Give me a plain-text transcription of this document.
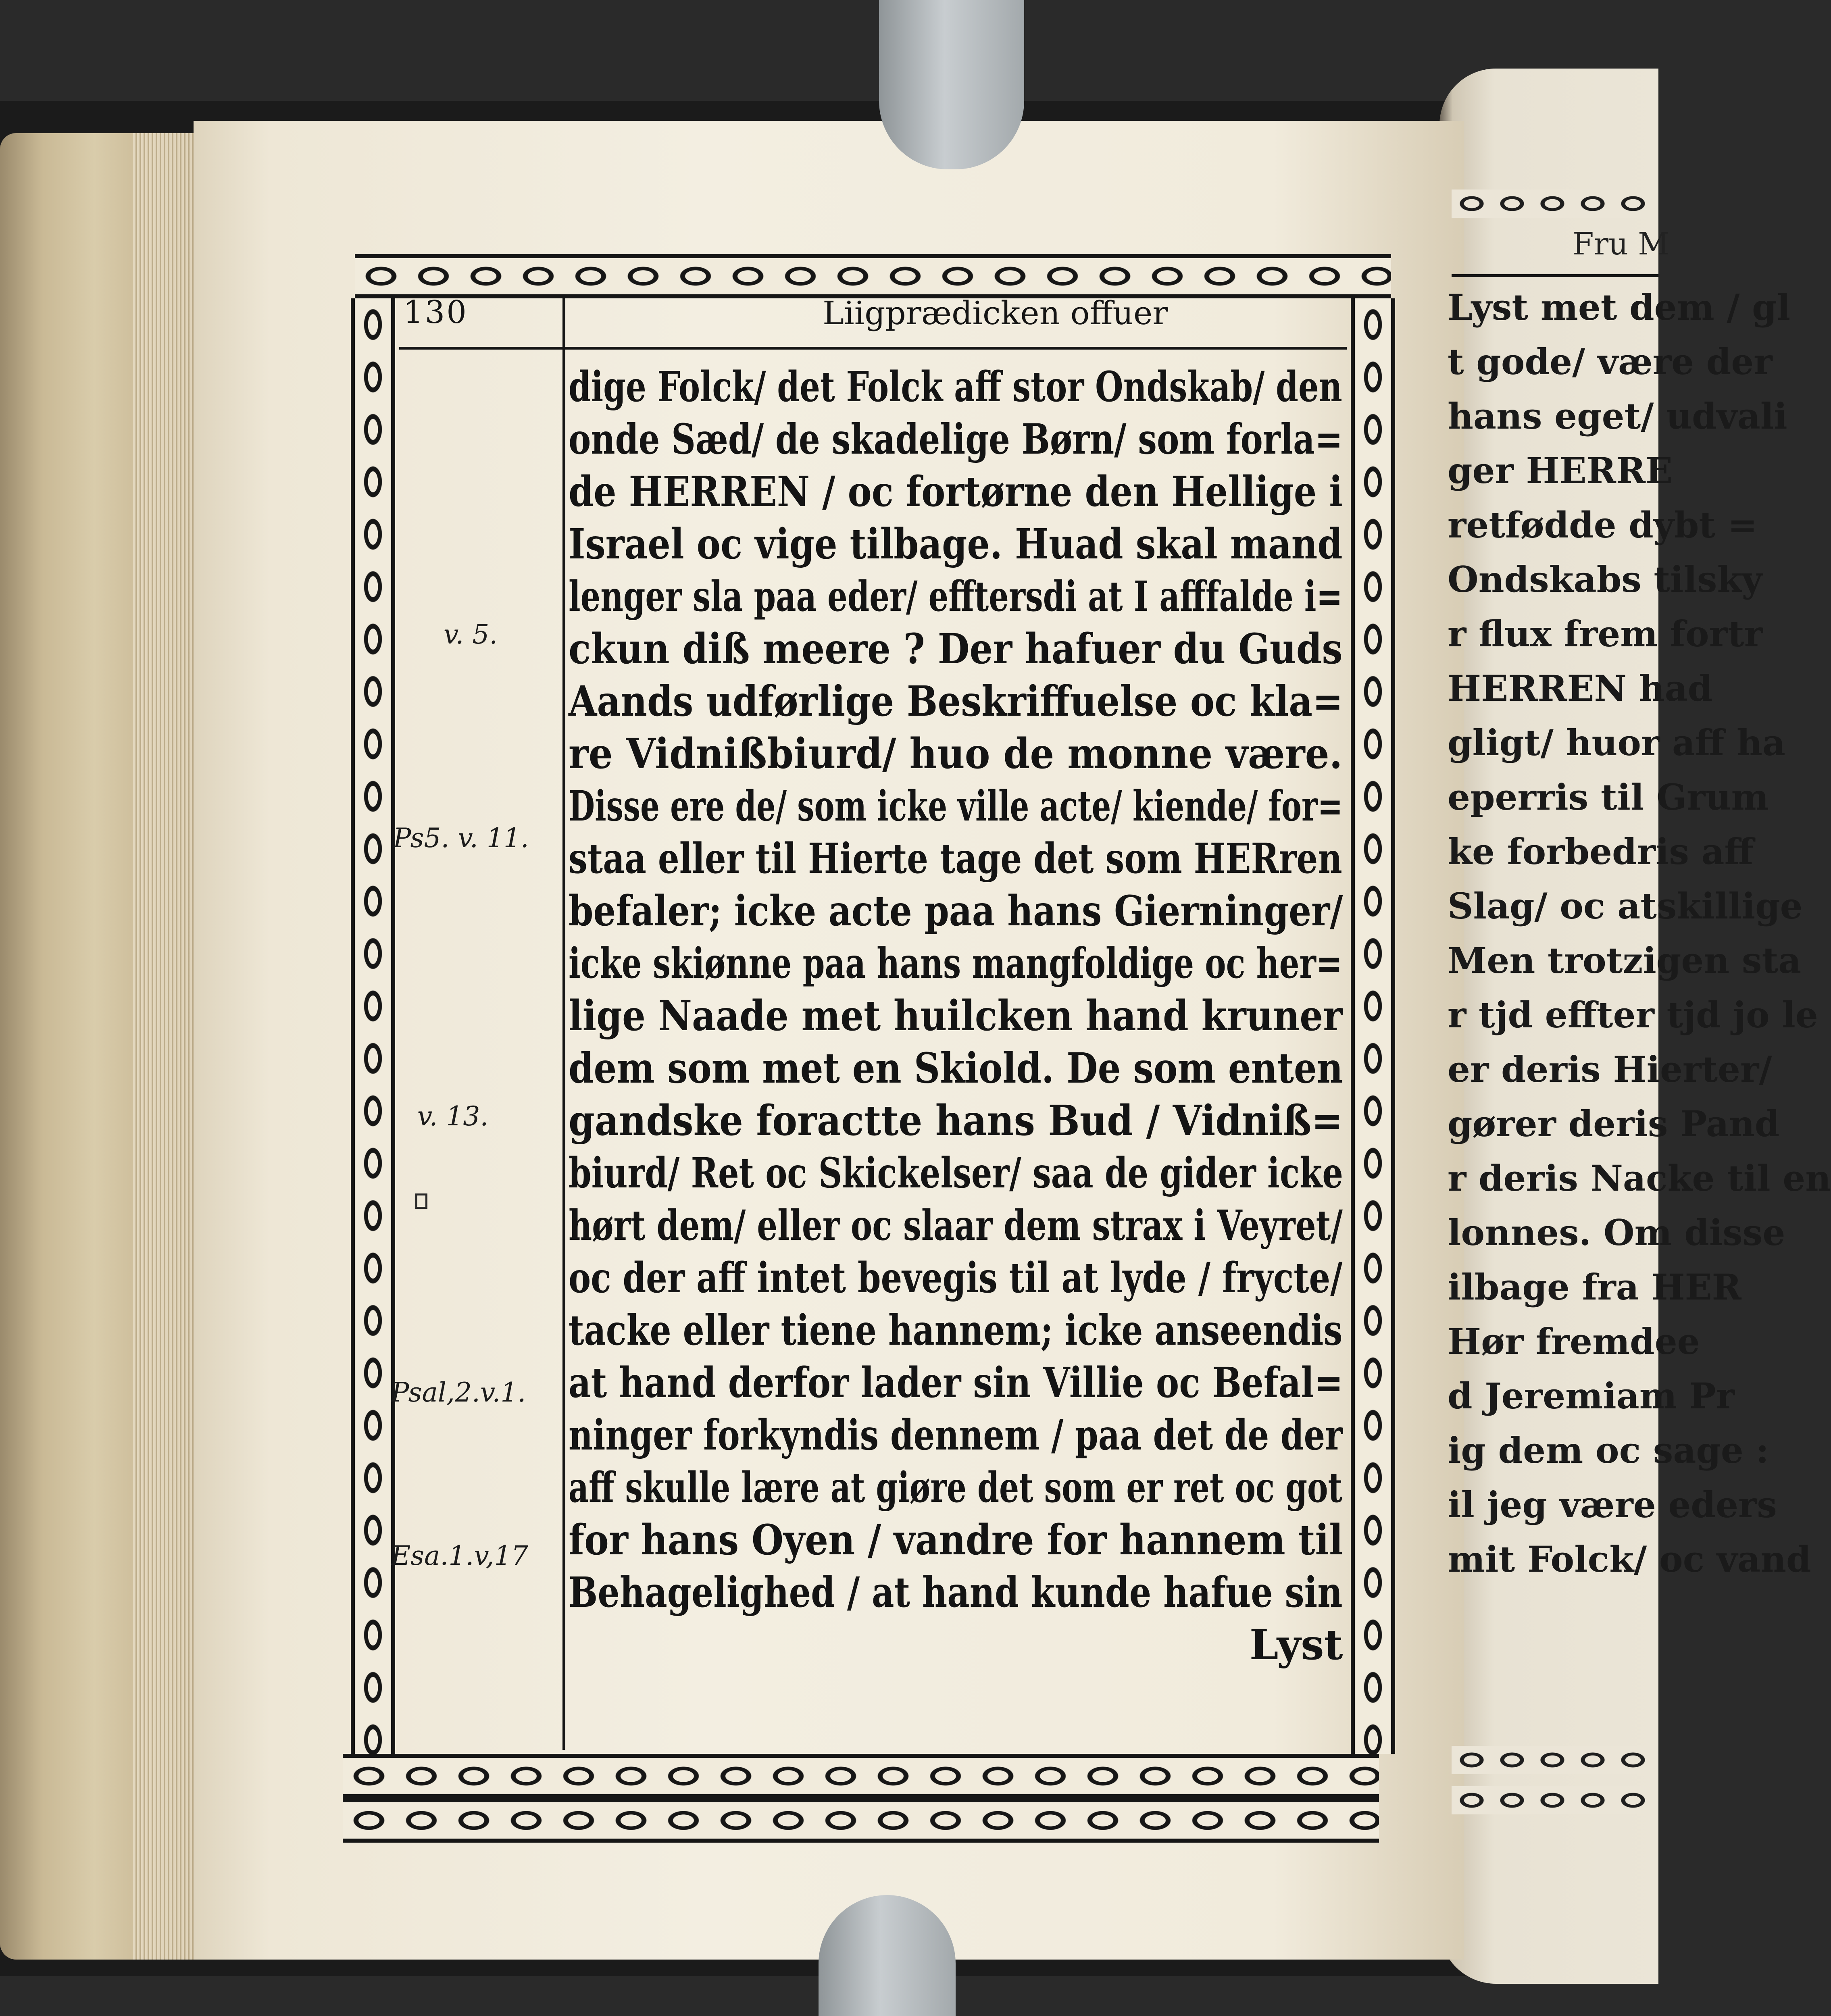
130	Liigprædicken offuer
dige Folck/ det Folck aff stor Ondskab/ den
onde Sæd/ de skadelige Børn/ som forla=
de HERREN / oc fortørne den Hellige i
Israel oc vige tilbage. Huad skal mand
lenger sla paa eder/ efftersdi at I afffalde i=
ckun diß meere ? Der hafuer du Guds
Aands udførlige Beskriffuelse oc kla=
re Vidnißbiurd/ huo de monne være.
Disse ere de/ som icke ville acte/ kiende/ for=
staa eller til Hierte tage det som HERren
befaler; icke acte paa hans Gierninger/
icke skiønne paa hans mangfoldige oc her=
lige Naade met huilcken hand kruner
dem som met en Skiold. De som enten
gandske foractte hans Bud / Vidniß=
biurd/ Ret oc Skickelser/ saa de gider icke
hørt dem/ eller oc slaar dem strax i Veyret/
oc der aff intet bevegis til at lyde / frycte/
tacke eller tiene hannem; icke anseendis
at hand derfor lader sin Villie oc Befal=
ninger forkyndis dennem / paa det de der
aff skulle lære at giøre det som er ret oc got
for hans Oyen / vandre for hannem til
Behagelighed / at hand kunde hafue sin
Lyst
v. 5.
Ps5. v. 11.
v. 13.
Psal,2.v.1.
Esa.1.v,17
Fru M
Lyst met dem / gl
t gode/ være der
hans eget/ udvali
ger HERRE
retfødde dybt =
Ondskabs tilsky
r flux frem fortr
HERREN had
gligt/ huor aff ha
eperris til Grum
ke forbedris aff
Slag/ oc atskillige
Men trotzigen sta
r tjd effter tjd jo le
er deris Hierter/
gører deris Pand
r deris Nacke til en
lonnes. Om disse
ilbage fra HER
Hør fremdee
d Jeremiam Pr
ig dem oc sage :
il jeg være eders
mit Folck/ oc vand
